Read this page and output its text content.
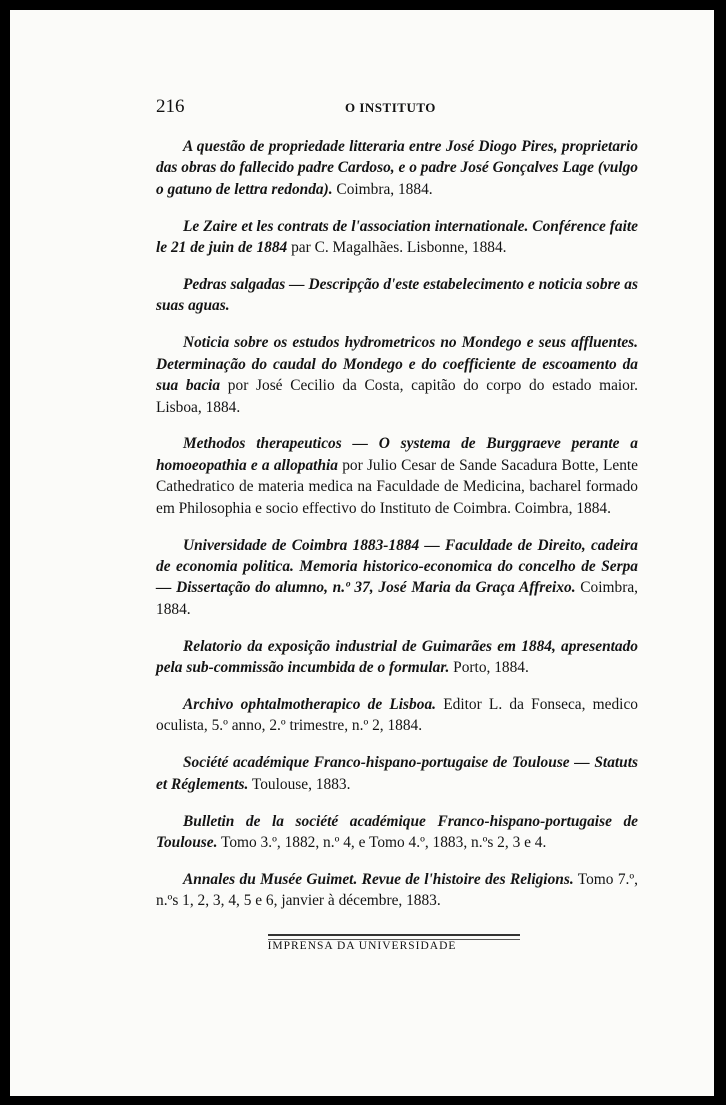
216	O INSTITUTO

A questão de propriedade litteraria entre José Diogo Pires, proprietario das obras do fallecido padre Cardoso, e o padre José Gonçalves Lage (vulgo o gatuno de lettra redonda). Coimbra, 1884.

Le Zaire et les contrats de l'association internationale. Conférence faite le 21 de juin de 1884 par C. Magalhães. Lisbonne, 1884.

Pedras salgadas — Descripção d'este estabelecimento e noticia sobre as suas aguas.

Noticia sobre os estudos hydrometricos no Mondego e seus affluentes. Determinação do caudal do Mondego e do coefficiente de escoamento da sua bacia por José Cecilio da Costa, capitão do corpo do estado maior. Lisboa, 1884.

Methodos therapeuticos — O systema de Burggraeve perante a homoeopathia e a allopathia por Julio Cesar de Sande Sacadura Botte, Lente Cathedratico de materia medica na Faculdade de Medicina, bacharel formado em Philosophia e socio effectivo do Instituto de Coimbra. Coimbra, 1884.

Universidade de Coimbra 1883-1884 — Faculdade de Direito, cadeira de economia politica. Memoria historico-economica do concelho de Serpa — Dissertação do alumno, n.º 37, José Maria da Graça Affreixo. Coimbra, 1884.

Relatorio da exposição industrial de Guimarães em 1884, apresentado pela sub-commissão incumbida de o formular. Porto, 1884.

Archivo ophtalmotherapico de Lisboa. Editor L. da Fonseca, medico oculista, 5.º anno, 2.º trimestre, n.º 2, 1884.

Société académique Franco-hispano-portugaise de Toulouse — Statuts et Réglements. Toulouse, 1883.

Bulletin de la société académique Franco-hispano-portugaise de Toulouse. Tomo 3.º, 1882, n.º 4, e Tomo 4.º, 1883, n.ºs 2, 3 e 4.

Annales du Musée Guimet. Revue de l'histoire des Religions. Tomo 7.º, n.ºs 1, 2, 3, 4, 5 e 6, janvier à décembre, 1883.

IMPRENSA DA UNIVERSIDADE
